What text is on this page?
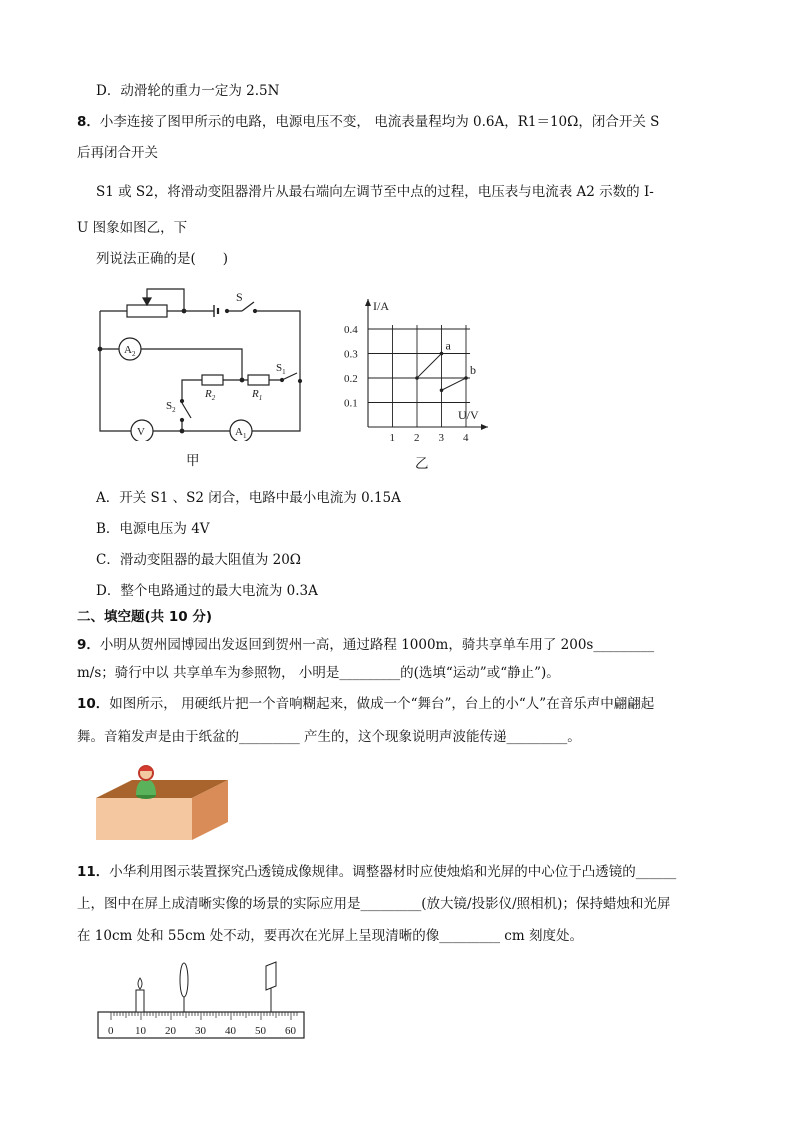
D．动滑轮的重力一定为 2.5N
8．小李连接了图甲所示的电路，电源电压不变， 电流表量程均为 0.6A，R1＝10Ω，闭合开关 S
后再闭合开关
S1 或 S2，将滑动变阻器滑片从最右端向左调节至中点的过程，电压表与电流表 A2 示数的 I-
U 图象如图乙，下
列说法正确的是(　　)
S
$A_2$
$R_2$	$R_1$
$S_1$
$S_2$
V	$A_1$
甲
1 2 3 4
0.1
0.2
0.3
0.4
U/V
I/A
a
b
乙
A．开关 S1 、S2 闭合，电路中最小电流为 0.15A
B．电源电压为 4V
C．滑动变阻器的最大阻值为 20Ω
D．整个电路通过的最大电流为 0.3A
二、填空题(共 10 分)
9．小明从贺州园博园出发返回到贺州一高，通过路程 1000m，骑共享单车用了 200s_________
m/s；骑行中以 共享单车为参照物， 小明是_________的(选填“运动”或“静止”)。
10．如图所示， 用硬纸片把一个音响糊起来，做成一个“舞台”，台上的小“人”在音乐声中翩翩起
舞。音箱发声是由于纸盆的_________ 产生的，这个现象说明声波能传递_________。
11．小华利用图示装置探究凸透镜成像规律。调整器材时应使烛焰和光屏的中心位于凸透镜的______
上，图中在屏上成清晰实像的场景的实际应用是_________(放大镜/投影仪/照相机)；保持蜡烛和光屏
在 10cm 处和 55cm 处不动，要再次在光屏上呈现清晰的像_________ cm 刻度处。
0 10 20 30 40 50 60
